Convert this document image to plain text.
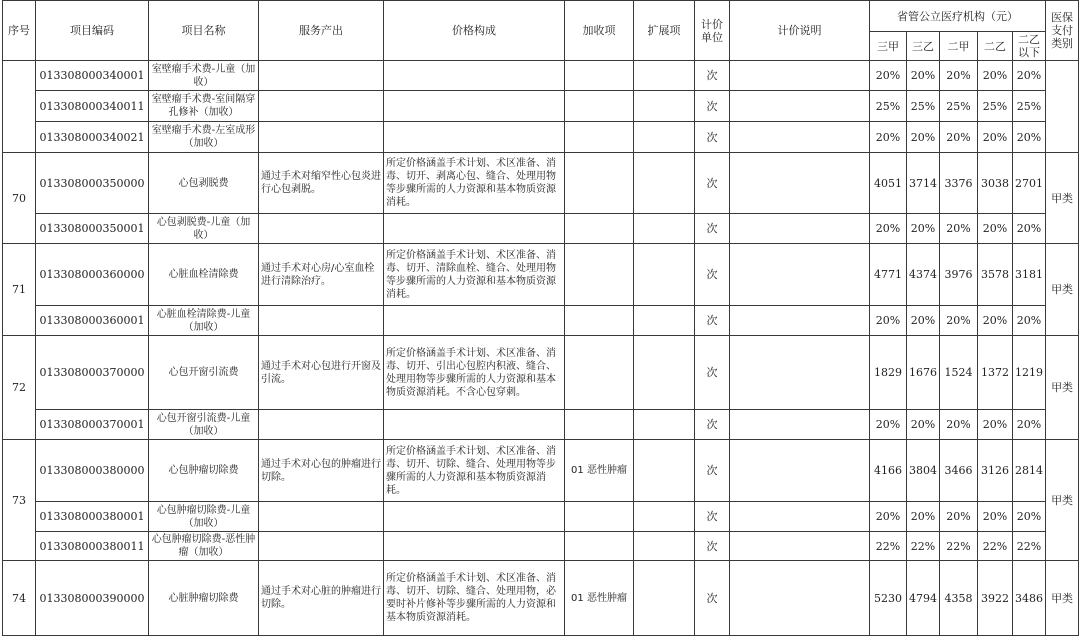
序号	项目编码	项目名称	服务产出	价格构成	加收项	扩展项	计价单位	计价说明	省管公立医疗机构（元）					医保支付类别
									三甲	三乙	二甲	二乙	二乙以下	
	013308000340001	室壁瘤手术费-儿童（加收）					次		20%	20%	20%	20%	20%	
	013308000340011	室壁瘤手术费-室间隔穿孔修补（加收）					次		25%	25%	25%	25%	25%	
	013308000340021	室壁瘤手术费-左室成形（加收）					次		20%	20%	20%	20%	20%	
70	013308000350000	心包剥脱费	通过手术对缩窄性心包炎进行心包剥脱。	所定价格涵盖手术计划、术区准备、消毒、切开、剥离心包、缝合、处理用物等步骤所需的人力资源和基本物质资源消耗。			次		4051	3714	3376	3038	2701	甲类
	013308000350001	心包剥脱费-儿童（加收）					次		20%	20%	20%	20%	20%	
71	013308000360000	心脏血栓清除费	通过手术对心房/心室血栓进行清除治疗。	所定价格涵盖手术计划、术区准备、消毒、切开、清除血栓、缝合、处理用物等步骤所需的人力资源和基本物质资源消耗。			次		4771	4374	3976	3578	3181	甲类
	013308000360001	心脏血栓清除费-儿童（加收）					次		20%	20%	20%	20%	20%	
72	013308000370000	心包开窗引流费	通过手术对心包进行开窗及引流。	所定价格涵盖手术计划、术区准备、消毒、切开、引出心包腔内积液、缝合、处理用物等步骤所需的人力资源和基本物质资源消耗。不含心包穿刺。			次		1829	1676	1524	1372	1219	甲类
	013308000370001	心包开窗引流费-儿童（加收）					次		20%	20%	20%	20%	20%	
73	013308000380000	心包肿瘤切除费	通过手术对心包的肿瘤进行切除。	所定价格涵盖手术计划、术区准备、消毒、切开、切除、缝合、处理用物等步骤所需的人力资源和基本物质资源消耗。	01 恶性肿瘤		次		4166	3804	3466	3126	2814	甲类
	013308000380001	心包肿瘤切除费-儿童（加收）					次		20%	20%	20%	20%	20%	
	013308000380011	心包肿瘤切除费-恶性肿瘤（加收）					次		22%	22%	22%	22%	22%	
74	013308000390000	心脏肿瘤切除费	通过手术对心脏的肿瘤进行切除。	所定价格涵盖手术计划、术区准备、消毒、切开、切除、缝合、处理用物，必要时补片修补等步骤所需的人力资源和基本物质资源消耗。	01 恶性肿瘤		次		5230	4794	4358	3922	3486	甲类
